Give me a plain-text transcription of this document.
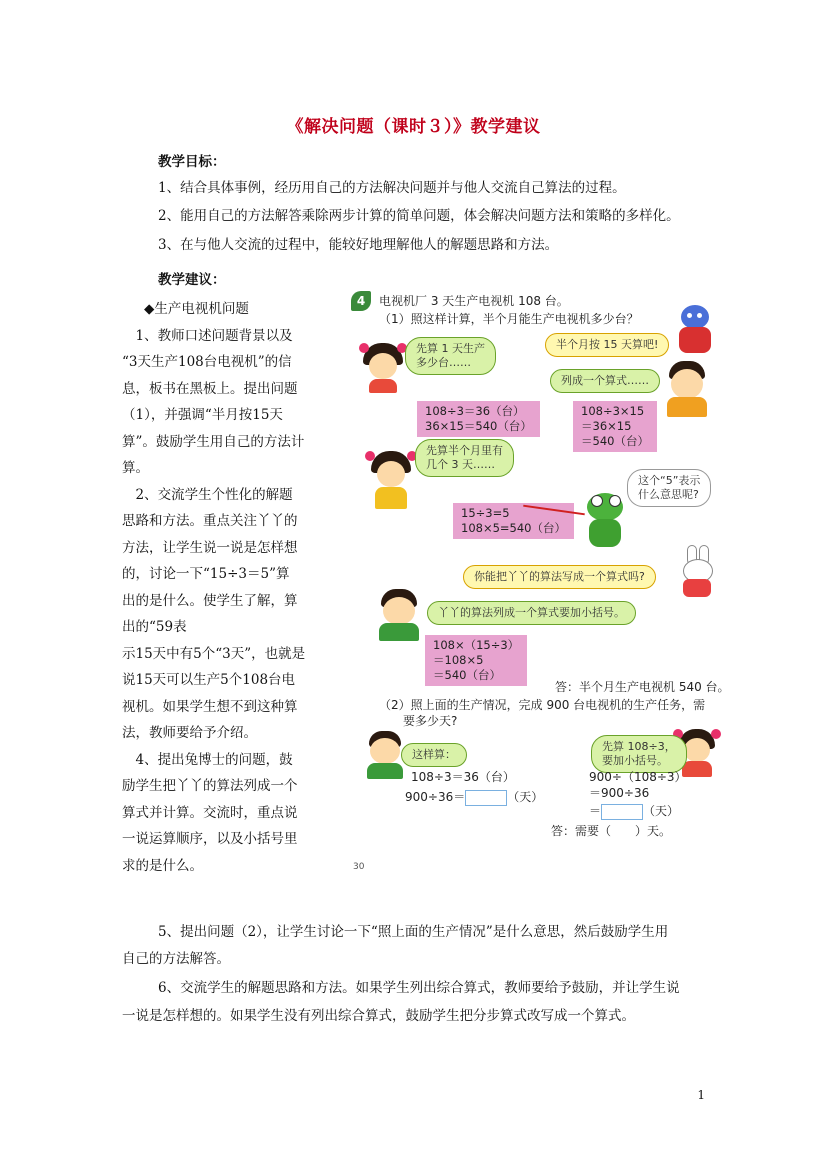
《解决问题（课时３）》教学建议
教学目标：
1、结合具体事例，经历用自己的方法解决问题并与他人交流自己算法的过程。
2、能用自己的方法解答乘除两步计算的简单问题，体会解决问题方法和策略的多样化。
3、在与他人交流的过程中，能较好地理解他人的解题思路和方法。
教学建议：
◆生产电视机问题
　1、教师口述问题背景以及
“3天生产108台电视机”的信
息，板书在黑板上。提出问题
（1），并强调“半月按15天
算”。鼓励学生用自己的方法计
算。
　2、交流学生个性化的解题
思路和方法。重点关注丫丫的
方法，让学生说一说是怎样想
的，讨论一下“15÷3＝5”算
出的是什么。使学生了解，算
出的“59表
示15天中有5个“3天”，也就是
说15天可以生产5个108台电
视机。如果学生想不到这种算
法，教师要给予介绍。
　4、提出兔博士的问题，鼓
励学生把丫丫的算法列成一个
算式并计算。交流时，重点说
一说运算顺序，以及小括号里
求的是什么。
5、提出问题（2），让学生讨论一下“照上面的生产情况”是什么意思，然后鼓励学生用
自己的方法解答。
6、交流学生的解题思路和方法。如果学生列出综合算式，教师要给予鼓励，并让学生说
一说是怎样想的。如果学生没有列出综合算式，鼓励学生把分步算式改写成一个算式。
1
4	电视机厂 3 天生产电视机 108 台。
（1）照这样计算，半个月能生产电视机多少台？
半个月按 15 天算吧!
先算 1 天生产
多少台……
列成一个算式……
108÷3＝36（台）
36×15＝540（台）
108÷3×15
＝36×15
＝540（台）
先算半个月里有
几个 3 天……
这个“5”表示
什么意思呢?
15÷3=5
108×5=540（台）
你能把丫丫的算法写成一个算式吗?
丫丫的算法列成一个算式要加小括号。
108×（15÷3）
＝108×5
＝540（台）
答：半个月生产电视机 540 台。
（2）照上面的生产情况，完成 900 台电视机的生产任务，需
要多少天?
这样算：
先算 108÷3，
要加小括号。
108÷3＝36（台）
900÷36＝	（天）
900÷（108÷3）
＝900÷36
＝	（天）
答：需要（　　）天。
30
